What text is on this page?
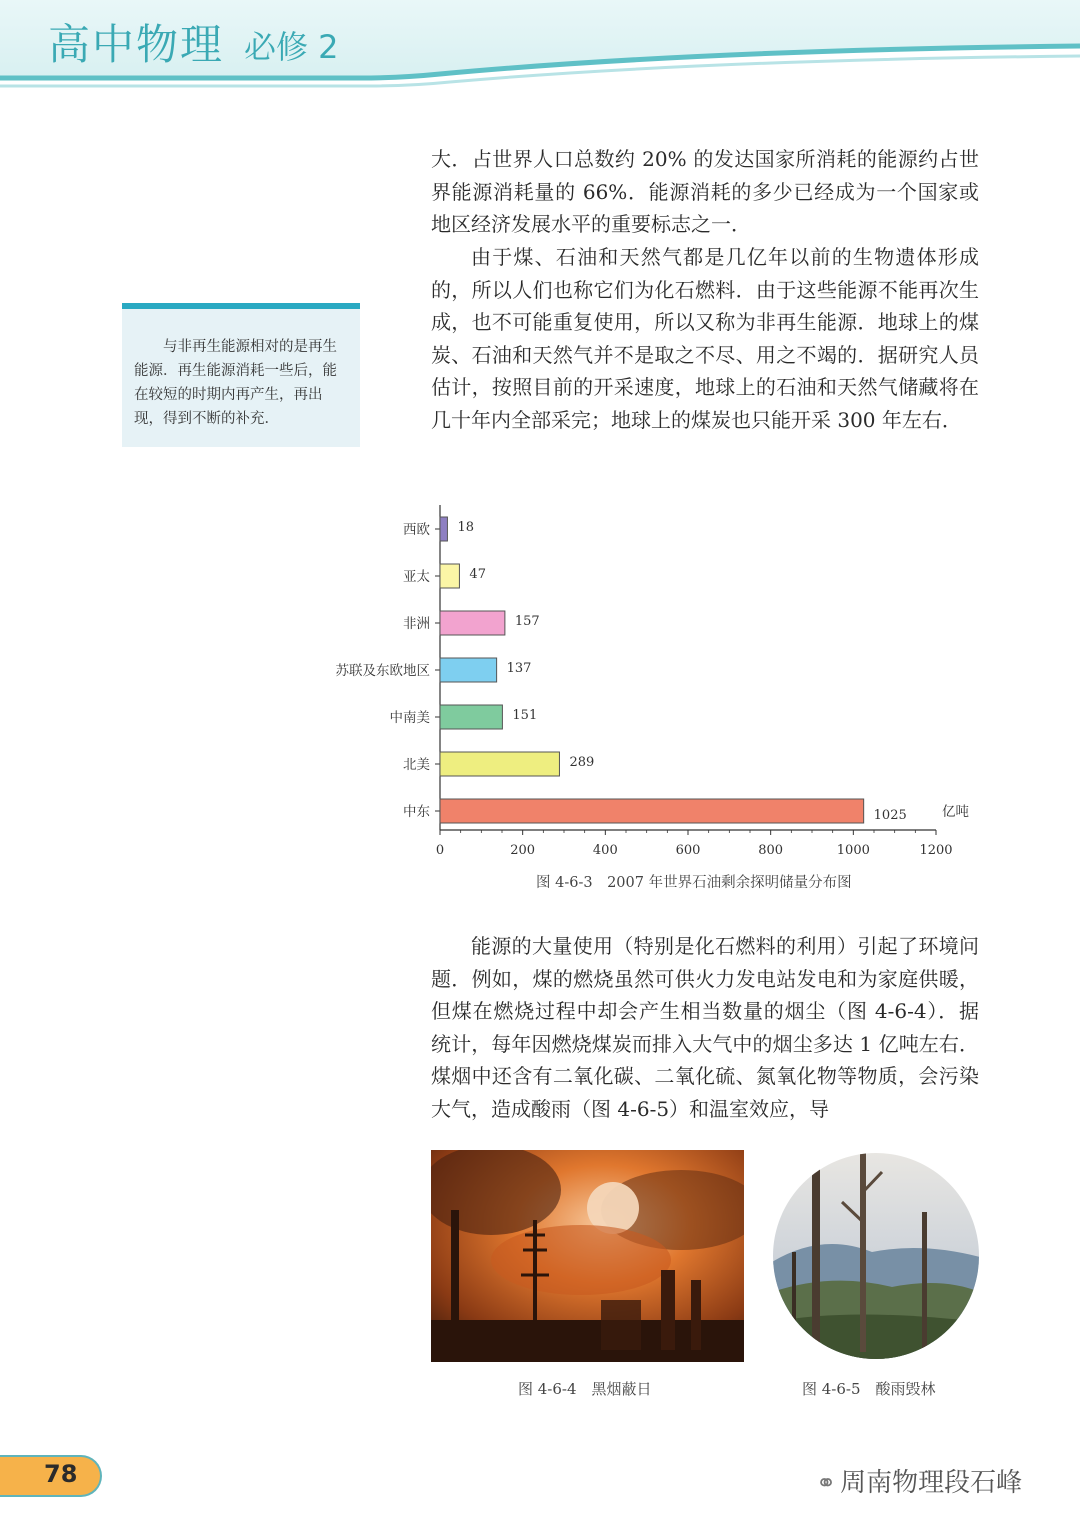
高中物理 必修 2

与非再生能源相对的是再生能源．再生能源消耗一些后，能在较短的时期内再产生，再出现，得到不断的补充．

大．占世界人口总数约 20% 的发达国家所消耗的能源约占世界能源消耗量的 66%．能源消耗的多少已经成为一个国家或地区经济发展水平的重要标志之一．

由于煤、石油和天然气都是几亿年以前的生物遗体形成的，所以人们也称它们为化石燃料．由于这些能源不能再次生成，也不可能重复使用，所以又称为非再生能源．地球上的煤炭、石油和天然气并不是取之不尽、用之不竭的．据研究人员估计，按照目前的开采速度，地球上的石油和天然气储藏将在几十年内全部采完；地球上的煤炭也只能开采 300 年左右．

能源的大量使用（特别是化石燃料的利用）引起了环境问题．例如，煤的燃烧虽然可供火力发电站发电和为家庭供暖，但煤在燃烧过程中却会产生相当数量的烟尘（图 4-6-4）．据统计，每年因燃烧煤炭而排入大气中的烟尘多达 1 亿吨左右．煤烟中还含有二氧化碳、二氧化硫、氮氧化物等物质，会污染大气，造成酸雨（图 4-6-5）和温室效应，导

0	200	400	600	800	1000	1200
西欧 18
亚太	47
非洲	157
苏联及东欧地区	137
中南美	151
北美	289
中东	1025	亿吨
图 4-6-3　2007 年世界石油剩余探明储量分布图
图 4-6-4　黑烟蔽日	图 4-6-5　酸雨毁林
78	⚭ 周南物理段石峰
